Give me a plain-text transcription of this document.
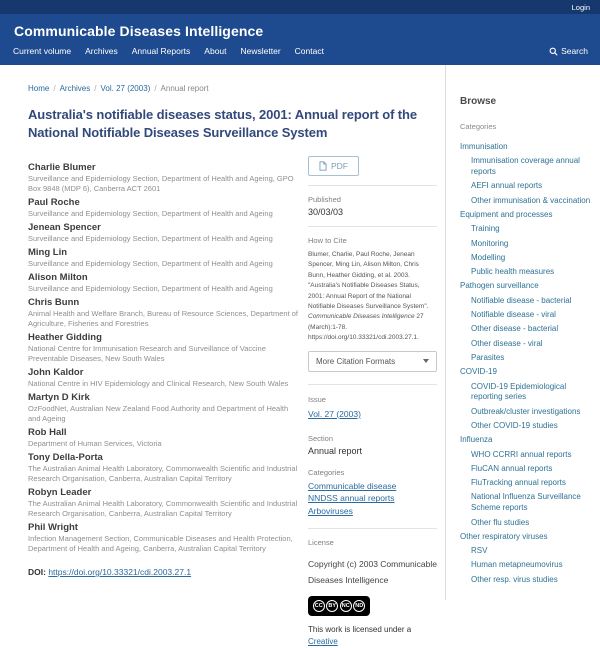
Login
Communicable Diseases Intelligence
Current volume Archives Annual Reports About Newsletter Contact	Search
Home / Archives / Vol. 27 (2003) / Annual report
Australia's notifiable diseases status, 2001: Annual report of the National Notifiable Diseases Surveillance System
Charlie Blumer
Surveillance and Epidemiology Section, Department of Health and Ageing, GPO Box 9848 (MDP 6), Canberra ACT 2601
Paul Roche
Surveillance and Epidemiology Section, Department of Health and Ageing
Jenean Spencer
Surveillance and Epidemiology Section, Department of Health and Ageing
Ming Lin
Surveillance and Epidemiology Section, Department of Health and Ageing
Alison Milton
Surveillance and Epidemiology Section, Department of Health and Ageing
Chris Bunn
Animal Health and Welfare Branch, Bureau of Resource Sciences, Department of Agriculture, Fisheries and Forestries
Heather Gidding
National Centre for Immunisation Research and Surveillance of Vaccine Preventable Diseases, New South Wales
John Kaldor
National Centre in HIV Epidemiology and Clinical Research, New South Wales
Martyn D Kirk
OzFoodNet, Australian New Zealand Food Authority and Department of Health and Ageing
Rob Hall
Department of Human Services, Victoria
Tony Della-Porta
The Australian Animal Health Laboratory, Commonwealth Scientific and Industrial Research Organisation, Canberra, Australian Capital Territory
Robyn Leader
The Australian Animal Health Laboratory, Commonwealth Scientific and Industrial Research Organisation, Canberra, Australian Capital Territory
Phil Wright
Infection Management Section, Communicable Diseases and Health Protection, Department of Health and Ageing, Canberra, Australian Capital Territory
DOI: https://doi.org/10.33321/cdi.2003.27.1
PDF
Published
30/03/03
How to Cite
Blumer, Charlie, Paul Roche, Jenean Spencer, Ming Lin, Alison Milton, Chris Bunn, Heather Gidding, et al. 2003. "Australia's Notifiable Diseases Status, 2001: Annual Report of the National Notifiable Diseases Surveillance System". Communicable Diseases Intelligence 27 (March):1-78. https://doi.org/10.33321/cdi.2003.27.1.
More Citation Formats
Issue
Vol. 27 (2003)
Section
Annual report
Categories
Communicable disease
NNDSS annual reports
Arboviruses
License
Copyright (c) 2003 Communicable Diseases Intelligence
CC	BY	NC	ND
This work is licensed under a Creative
Browse
Categories
Immunisation
Immunisation coverage annual reports
AEFI annual reports
Other immunisation & vaccination
Equipment and processes
Training
Monitoring
Modelling
Public health measures
Pathogen surveillance
Notifiable disease - bacterial
Notifiable disease - viral
Other disease - bacterial
Other disease - viral
Parasites
COVID-19
COVID-19 Epidemiological reporting series
Outbreak/cluster investigations
Other COVID-19 studies
Influenza
WHO CCRRI annual reports
FluCAN annual reports
FluTracking annual reports
National Influenza Surveillance Scheme reports
Other flu studies
Other respiratory viruses
RSV
Human metapneumovirus
Other resp. virus studies
